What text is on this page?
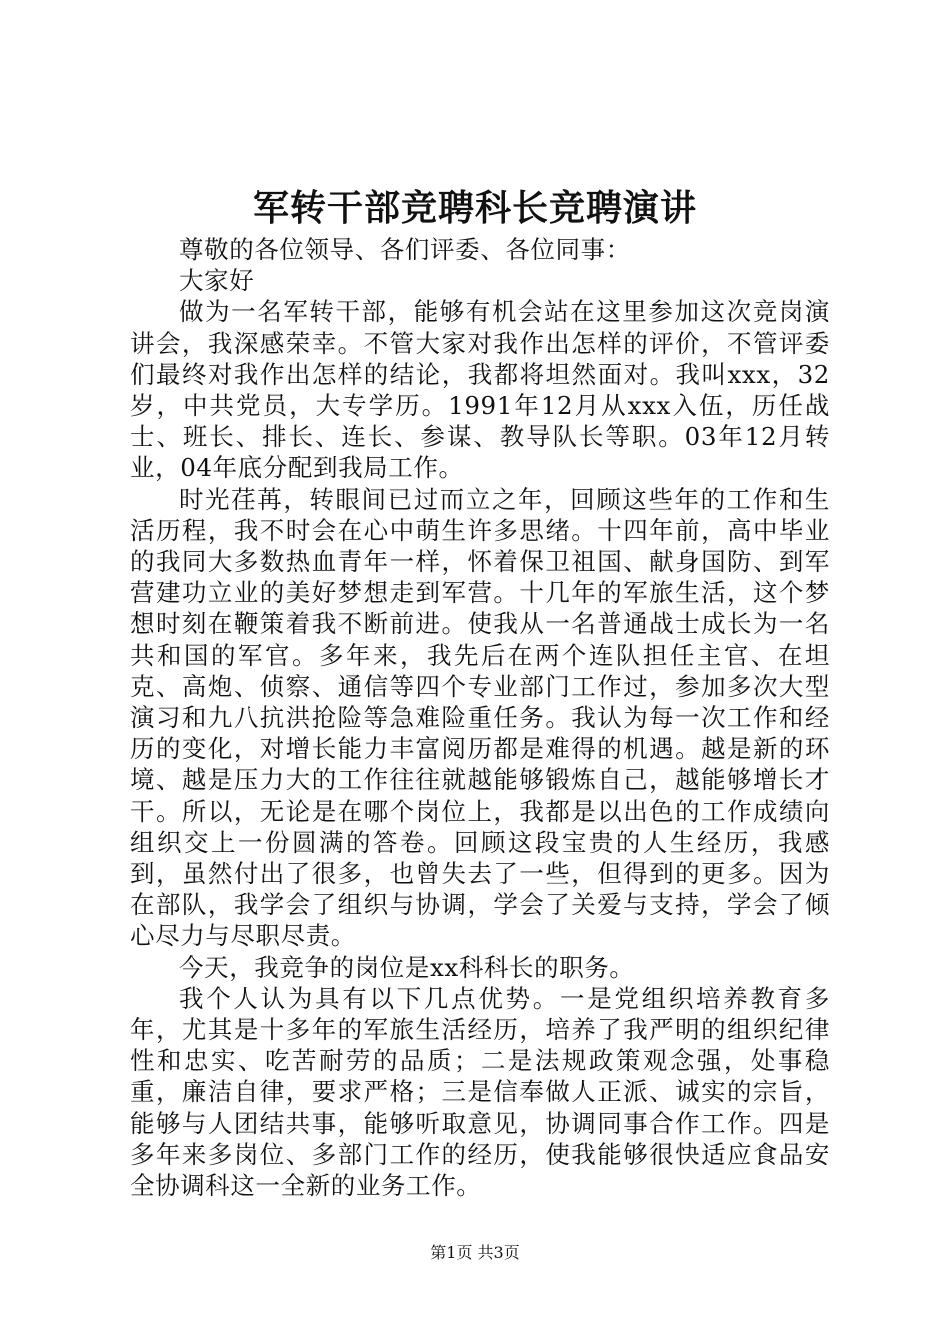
军转干部竞聘科长竞聘演讲

尊敬的各位领导、各们评委、各位同事：

大家好

做为一名军转干部，能够有机会站在这里参加这次竞岗演讲会，我深感荣幸。不管大家对我作出怎样的评价，不管评委们最终对我作出怎样的结论，我都将坦然面对。我叫xxx，32岁，中共党员，大专学历。1991年12月从xxx入伍，历任战士、班长、排长、连长、参谋、教导队长等职。03年12月转业，04年底分配到我局工作。

时光荏苒，转眼间已过而立之年，回顾这些年的工作和生活历程，我不时会在心中萌生许多思绪。十四年前，高中毕业的我同大多数热血青年一样，怀着保卫祖国、献身国防、到军营建功立业的美好梦想走到军营。十几年的军旅生活，这个梦想时刻在鞭策着我不断前进。使我从一名普通战士成长为一名共和国的军官。多年来，我先后在两个连队担任主官、在坦克、高炮、侦察、通信等四个专业部门工作过，参加多次大型演习和九八抗洪抢险等急难险重任务。我认为每一次工作和经历的变化，对增长能力丰富阅历都是难得的机遇。越是新的环境、越是压力大的工作往往就越能够锻炼自己，越能够增长才干。所以，无论是在哪个岗位上，我都是以出色的工作成绩向组织交上一份圆满的答卷。回顾这段宝贵的人生经历，我感到，虽然付出了很多，也曾失去了一些，但得到的更多。因为在部队，我学会了组织与协调，学会了关爱与支持，学会了倾心尽力与尽职尽责。

今天，我竞争的岗位是xx科科长的职务。

我个人认为具有以下几点优势。一是党组织培养教育多年，尤其是十多年的军旅生活经历，培养了我严明的组织纪律性和忠实、吃苦耐劳的品质；二是法规政策观念强，处事稳重，廉洁自律，要求严格；三是信奉做人正派、诚实的宗旨，能够与人团结共事，能够听取意见，协调同事合作工作。四是多年来多岗位、多部门工作的经历，使我能够很快适应食品安全协调科这一全新的业务工作。

第1页 共3页
